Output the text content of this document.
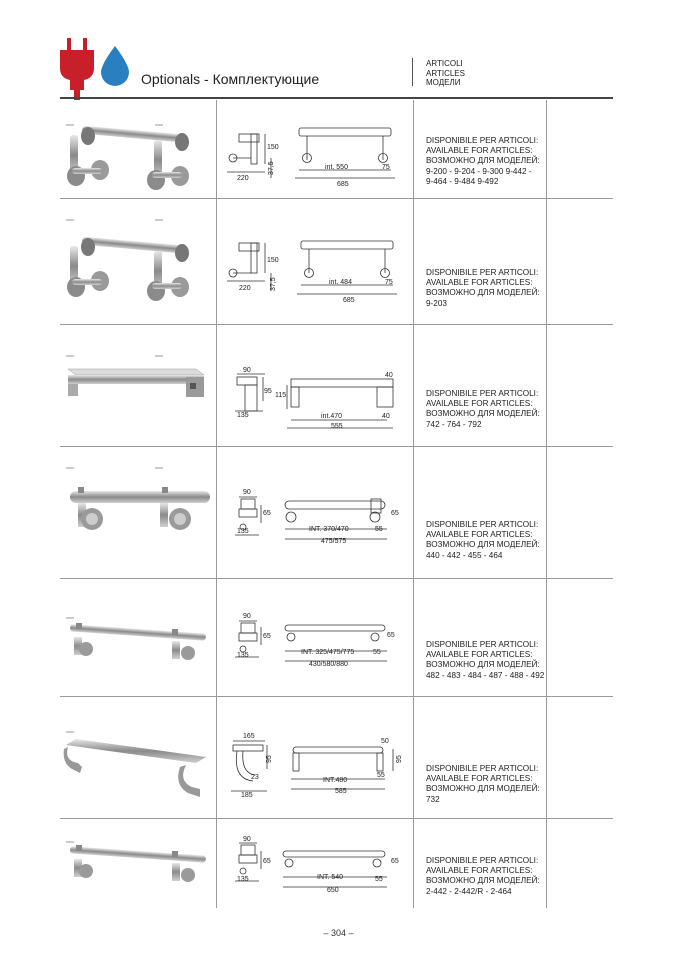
Optionals - Комплектующие
ARTICOLI
ARTICLES
МОДЕЛИ
150
37,5
220
int. 550	75
685
DISPONIBILE PER ARTICOLI:
AVAILABLE FOR ARTICLES:
ВОЗМОЖНО ДЛЯ МОДЕЛЕЙ:
9-200 - 9-204 - 9-300 9-442 -
9-464 - 9-484 9-492
150
37,5
220
int. 484	75
685
DISPONIBILE PER ARTICOLI:
AVAILABLE FOR ARTICLES:
ВОЗМОЖНО ДЛЯ МОДЕЛЕЙ:
9-203
90
95
115
135	int.470
40
40
555
DISPONIBILE PER ARTICOLI:
AVAILABLE FOR ARTICLES:
ВОЗМОЖНО ДЛЯ МОДЕЛЕЙ:
742 - 764 - 792
90
65
135	INT. 370/470	55
65
475/575
DISPONIBILE PER ARTICOLI:
AVAILABLE FOR ARTICLES:
ВОЗМОЖНО ДЛЯ МОДЕЛЕЙ:
440 - 442 - 455 - 464
90
65
135	INT. 325/475/775	55
65
430/580/880
DISPONIBILE PER ARTICOLI:
AVAILABLE FOR ARTICLES:
ВОЗМОЖНО ДЛЯ МОДЕЛЕЙ:
482 - 483 - 484 - 487 - 488 - 492
165
95
23
185
INT.480
55
50
95
585
DISPONIBILE PER ARTICOLI:
AVAILABLE FOR ARTICLES:
ВОЗМОЖНО ДЛЯ МОДЕЛЕЙ:
732
90
65
135	INT. 540	55
65
650
DISPONIBILE PER ARTICOLI:
AVAILABLE FOR ARTICLES:
ВОЗМОЖНО ДЛЯ МОДЕЛЕЙ:
2-442 - 2-442/R - 2-464
– 304 –
